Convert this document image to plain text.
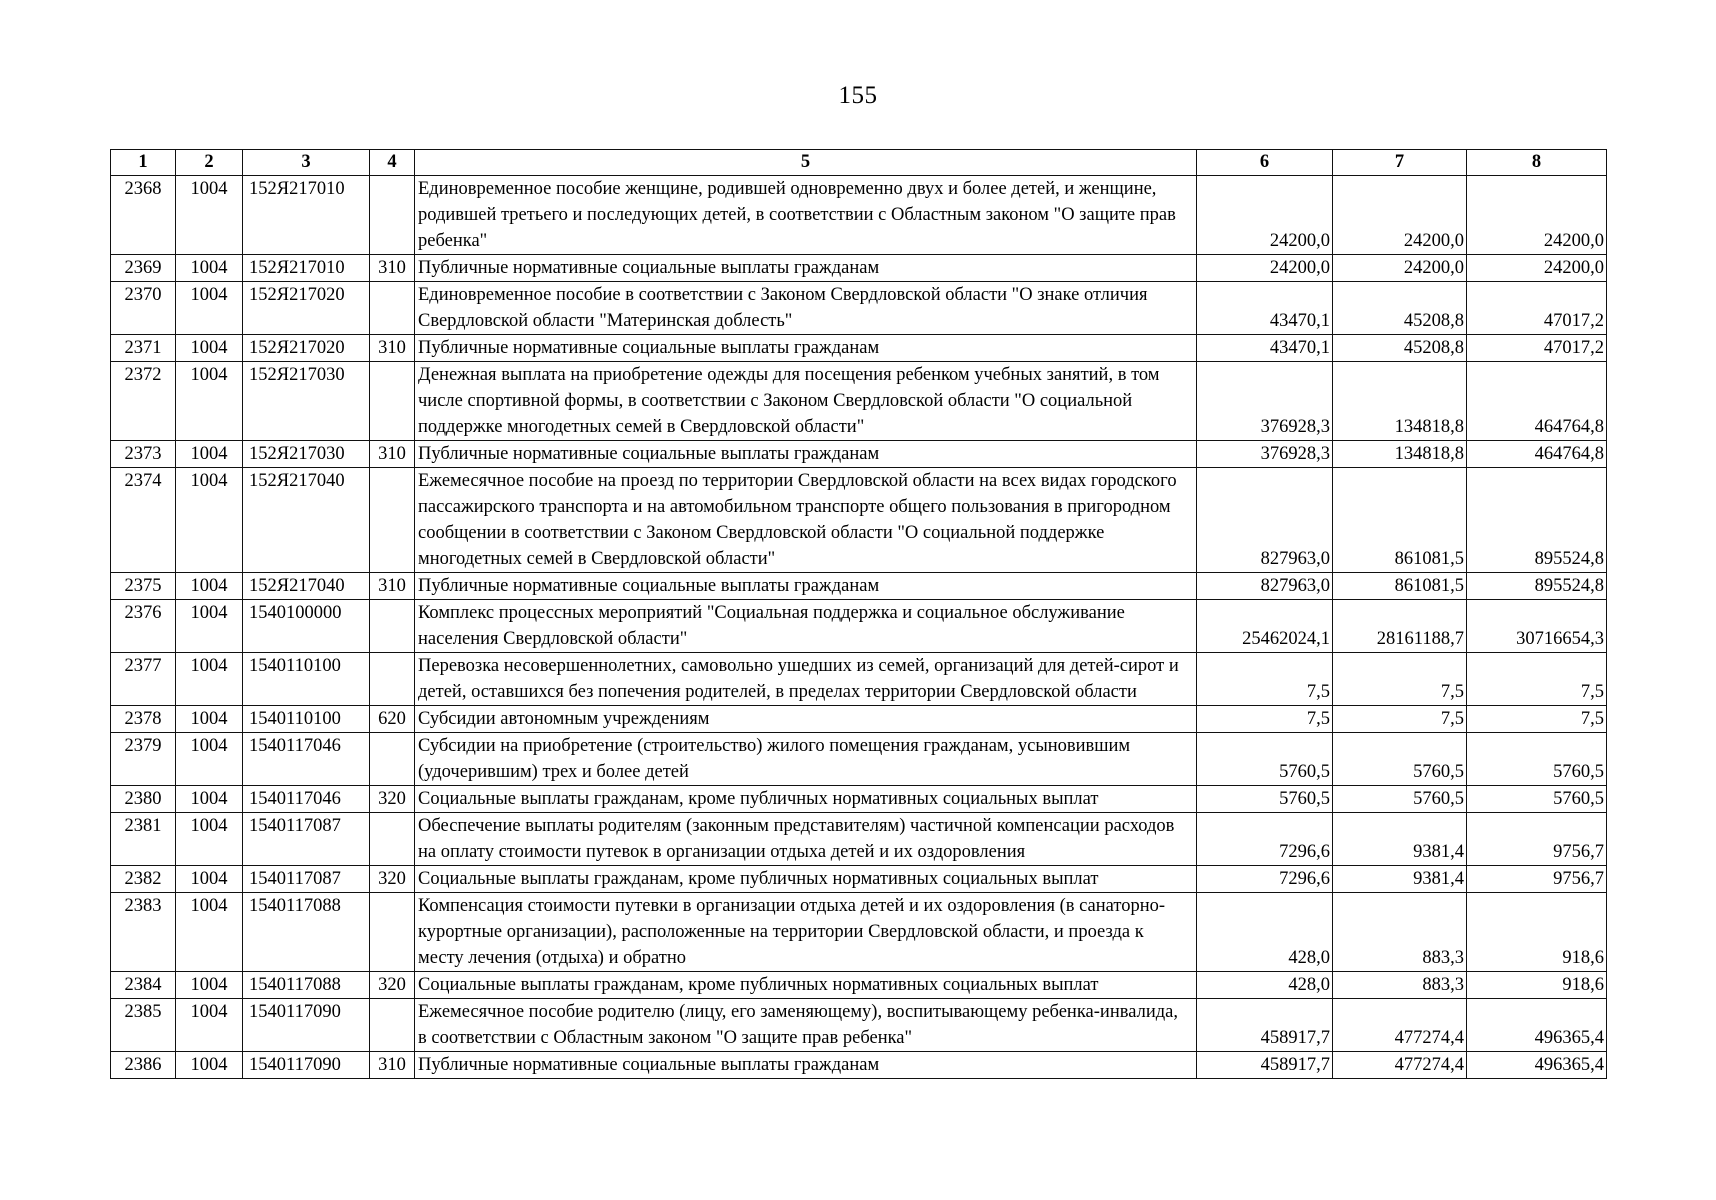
155
1	2	3	4	5	6	7	8
2368	1004	152Я217010		Единовременное пособие женщине, родившей одновременно двух и более детей, и женщине, родившей третьего и последующих детей, в соответствии с Областным законом "О защите прав ребенка"	24200,0	24200,0	24200,0
2369	1004	152Я217010	310	Публичные нормативные социальные выплаты гражданам	24200,0	24200,0	24200,0
2370	1004	152Я217020		Единовременное пособие в соответствии с Законом Свердловской области "О знаке отличия Свердловской области "Материнская доблесть"	43470,1	45208,8	47017,2
2371	1004	152Я217020	310	Публичные нормативные социальные выплаты гражданам	43470,1	45208,8	47017,2
2372	1004	152Я217030		Денежная выплата на приобретение одежды для посещения ребенком учебных занятий, в том числе спортивной формы, в соответствии с Законом Свердловской области "О социальной поддержке многодетных семей в Свердловской области"	376928,3	134818,8	464764,8
2373	1004	152Я217030	310	Публичные нормативные социальные выплаты гражданам	376928,3	134818,8	464764,8
2374	1004	152Я217040		Ежемесячное пособие на проезд по территории Свердловской области на всех видах городского пассажирского транспорта и на автомобильном транспорте общего пользования в пригородном сообщении в соответствии с Законом Свердловской области "О социальной поддержке многодетных семей в Свердловской области"	827963,0	861081,5	895524,8
2375	1004	152Я217040	310	Публичные нормативные социальные выплаты гражданам	827963,0	861081,5	895524,8
2376	1004	1540100000		Комплекс процессных мероприятий "Социальная поддержка и социальное обслуживание населения Свердловской области"	25462024,1	28161188,7	30716654,3
2377	1004	1540110100		Перевозка несовершеннолетних, самовольно ушедших из семей, организаций для детей-сирот и детей, оставшихся без попечения родителей, в пределах территории Свердловской области	7,5	7,5	7,5
2378	1004	1540110100	620	Субсидии автономным учреждениям	7,5	7,5	7,5
2379	1004	1540117046		Субсидии на приобретение (строительство) жилого помещения гражданам, усыновившим (удочерившим) трех и более детей	5760,5	5760,5	5760,5
2380	1004	1540117046	320	Социальные выплаты гражданам, кроме публичных нормативных социальных выплат	5760,5	5760,5	5760,5
2381	1004	1540117087		Обеспечение выплаты родителям (законным представителям) частичной компенсации расходов на оплату стоимости путевок в организации отдыха детей и их оздоровления	7296,6	9381,4	9756,7
2382	1004	1540117087	320	Социальные выплаты гражданам, кроме публичных нормативных социальных выплат	7296,6	9381,4	9756,7
2383	1004	1540117088		Компенсация стоимости путевки в организации отдыха детей и их оздоровления (в санаторно-курортные организации), расположенные на территории Свердловской области, и проезда к месту лечения (отдыха) и обратно	428,0	883,3	918,6
2384	1004	1540117088	320	Социальные выплаты гражданам, кроме публичных нормативных социальных выплат	428,0	883,3	918,6
2385	1004	1540117090		Ежемесячное пособие родителю (лицу, его заменяющему), воспитывающему ребенка-инвалида, в соответствии с Областным законом "О защите прав ребенка"	458917,7	477274,4	496365,4
2386	1004	1540117090	310	Публичные нормативные социальные выплаты гражданам	458917,7	477274,4	496365,4
